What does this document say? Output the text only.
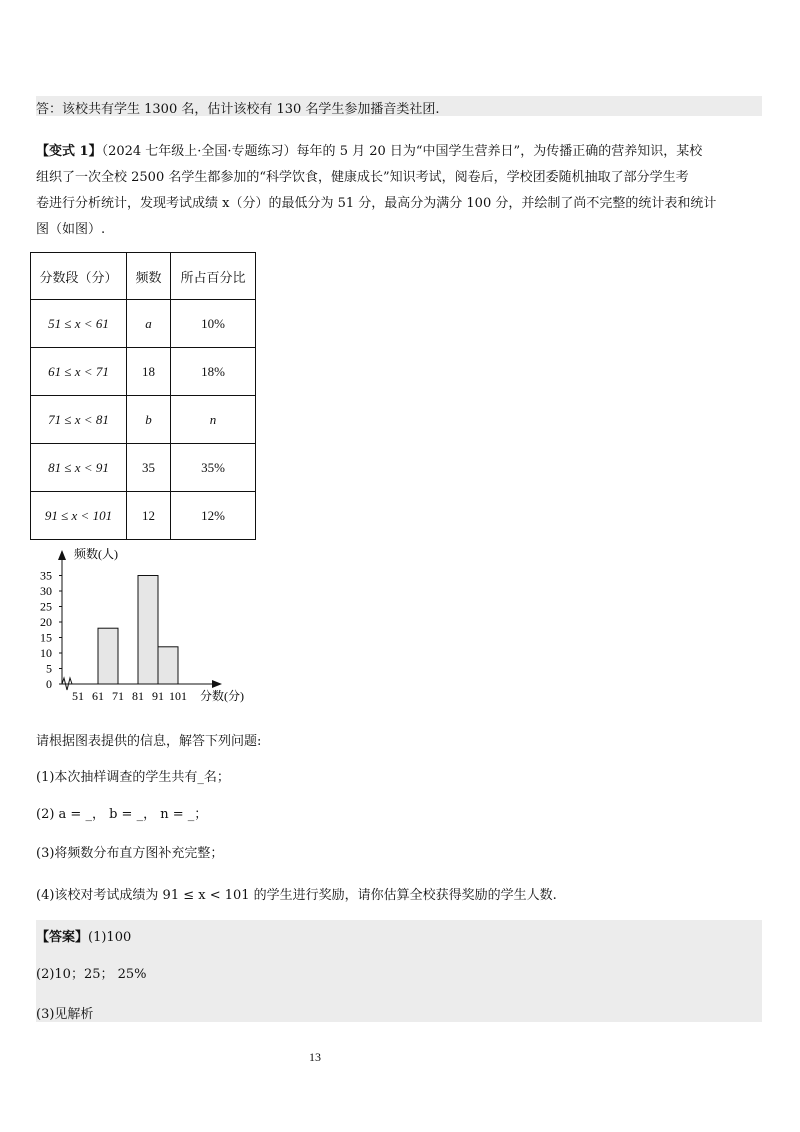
答：该校共有学生 1300 名，估计该校有 130 名学生参加播音类社团.
【变式 1】（2024 七年级上·全国·专题练习）每年的 5 月 20 日为“中国学生营养日”，为传播正确的营养知识，某校
组织了一次全校 2500 名学生都参加的“科学饮食，健康成长”知识考试，阅卷后，学校团委随机抽取了部分学生考
卷进行分析统计，发现考试成绩 x（分）的最低分为 51 分，最高分为满分 100 分，并绘制了尚不完整的统计表和统计
图（如图）.
分数段（分）	频数	所占百分比
51 ≤ x < 61	a	10%
61 ≤ x < 71	18	18%
71 ≤ x < 81	b	n
81 ≤ x < 91	35	35%
91 ≤ x < 101	12	12%
频数(人)
分数(分)
0
5
10
15
20
25
30
35
51 61 71 81 91 101
请根据图表提供的信息，解答下列问题:
(1)本次抽样调查的学生共有_名；
(2) a = _， b = _， n = _；
(3)将频数分布直方图补充完整；
(4)该校对考试成绩为 91 ≤ x < 101 的学生进行奖励，请你估算全校获得奖励的学生人数.
【答案】(1)100
(2)10；25； 25%
(3)见解析
13
